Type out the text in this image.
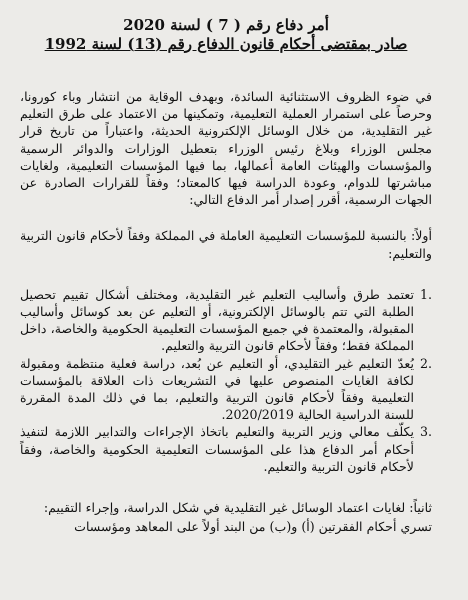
أمر دفاع رقم ( 7 ) لسنة 2020
صادر بمقتضى أحكام قانون الدفاع رقم (13) لسنة 1992

في ضوء الظروف الاستثنائية السائدة، وبهدف الوقاية من انتشار وباء كورونا، وحرصاً على استمرار العملية التعليمية، وتمكينها من الاعتماد على طرق التعليم غير التقليدية، من خلال الوسائل الإلكترونية الحديثة، واعتباراً من تاريخ قرار مجلس الوزراء وبلاغ رئيس الوزراء بتعطيل الوزارات والدوائر الرسمية والمؤسسات والهيئات العامة أعمالها، بما فيها المؤسسات التعليمية، ولغايات مباشرتها للدوام، وعودة الدراسة فيها كالمعتاد؛ وفقاً للقرارات الصادرة عن الجهات الرسمية، أقرر إصدار أمر الدفاع التالي:

أولاً: بالنسبة للمؤسسات التعليمية العاملة في المملكة وفقاً لأحكام قانون التربية والتعليم:

1.

تعتمد طرق وأساليب التعليم غير التقليدية، ومختلف أشكال تقييم تحصيل الطلبة التي تتم بالوسائل الإلكترونية، أو التعليم عن بعد كوسائل وأساليب المقبولة، والمعتمدة في جميع المؤسسات التعليمية الحكومية والخاصة، داخل المملكة فقط؛ وفقاً لأحكام قانون التربية والتعليم.

2.

يُعدّ التعليم غير التقليدي، أو التعليم عن بُعد، دراسة فعلية منتظمة ومقبولة لكافة الغايات المنصوص عليها في التشريعات ذات العلاقة بالمؤسسات التعليمية وفقاً لأحكام قانون التربية والتعليم، بما في ذلك المدة المقررة للسنة الدراسية الحالية 2020/2019.

3.

يكلّف معالي وزير التربية والتعليم باتخاذ الإجراءات والتدابير اللازمة لتنفيذ أحكام أمر الدفاع هذا على المؤسسات التعليمية الحكومية والخاصة، وفقاً لأحكام قانون التربية والتعليم.

ثانياً: لغايات اعتماد الوسائل غير التقليدية في شكل الدراسة، وإجراء التقييم:

تسري أحكام الفقرتين (أ) و(ب) من البند أولاً على المعاهد ومؤسسات
